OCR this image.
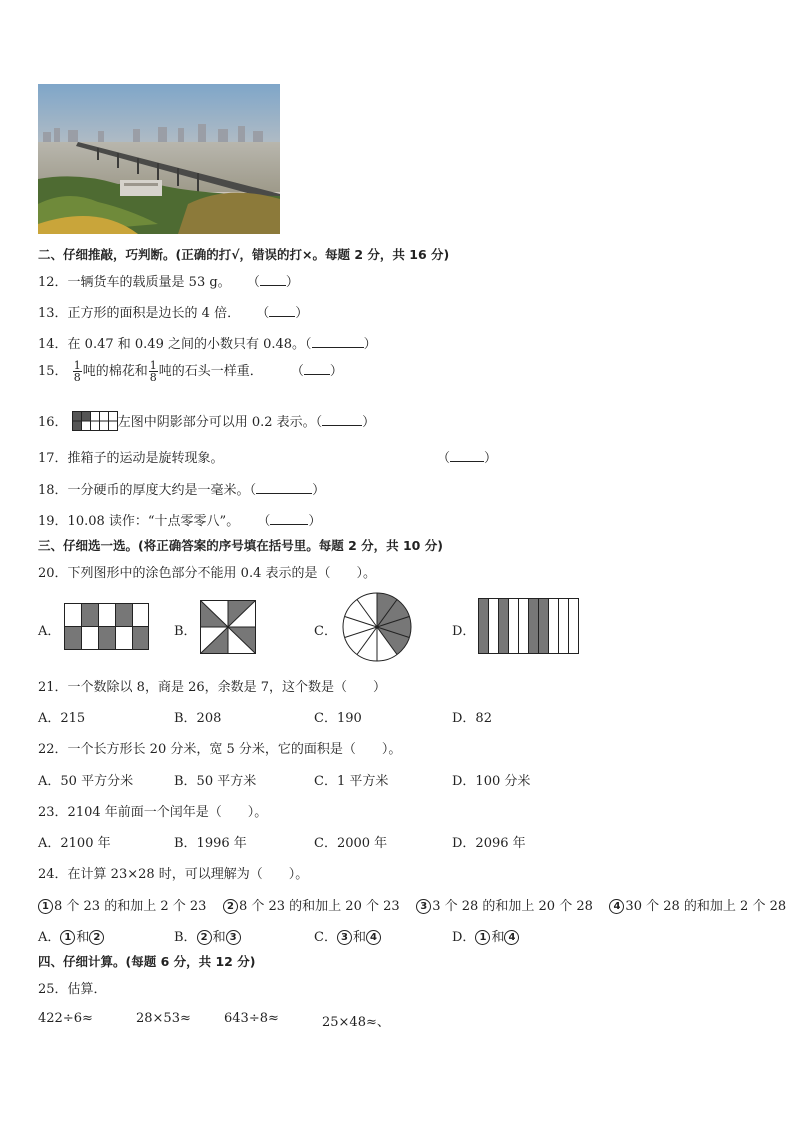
二、仔细推敲，巧判断。(正确的打√，错误的打×。每题 2 分，共 16 分)
12．一辆货车的载质量是 53 g。 （ ）
13．正方形的面积是边长的 4 倍． （ ）
14．在 0.47 和 0.49 之间的小数只有 0.48。（	）
15． $\frac{1}{8}$ 吨的棉花和 $\frac{1}{8}$ 吨的石头一样重． （ ）
16．	左图中阴影部分可以用 0.2 表示。（	）
17．推箱子的运动是旋转现象。	（	）
18．一分硬币的厚度大约是一毫米。（	）
19．10.08 读作：“十点零零八”。 （	）
三、仔细选一选。(将正确答案的序号填在括号里。每题 2 分，共 10 分)
20．下列图形中的涂色部分不能用 0.4 表示的是（　　）。
A．	B．	C．	D．
21．一个数除以 8，商是 26，余数是 7，这个数是（　　）
A．215	B．208	C．190	D．82
22．一个长方形长 20 分米，宽 5 分米，它的面积是（　　）。
A．50 平方分米	B．50 平方米	C．1 平方米	D．100 分米
23．2104 年前面一个闰年是（　　）。
A．2100 年	B．1996 年	C．2000 年	D．2096 年
24．在计算 23×28 时，可以理解为（　　）。
1 8 个 23 的和加上 2 个 23 2 8 个 23 的和加上 20 个 23 3 3 个 28 的和加上 20 个 28 4 30 个 28 的和加上 2 个 28
A． 1 和 2	B． 2 和 3	C． 3 和 4	D． 1 和 4
四、仔细计算。(每题 6 分，共 12 分)
25．估算．
422÷6≈	28×53≈	643÷8≈	25×48≈、
